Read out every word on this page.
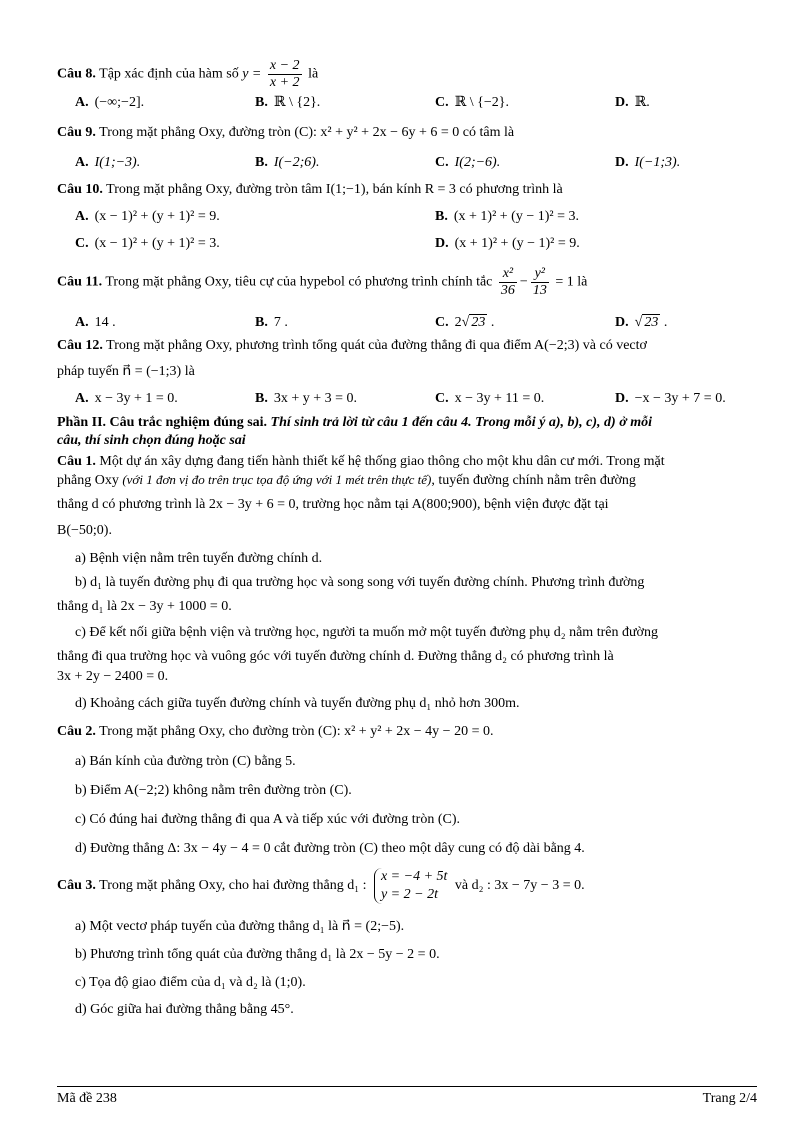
Câu 8. Tập xác định của hàm số $y = \frac{x - 2}{x + 2}$ là
A. (−∞;−2].	B. ℝ \ {2}.	C. ℝ \ {−2}.	D. ℝ.
Câu 9. Trong mặt phẳng Oxy, đường tròn (C): x² + y² + 2x − 6y + 6 = 0 có tâm là
A. I(1;−3).	B. I(−2;6).	C. I(2;−6).	D. I(−1;3).
Câu 10. Trong mặt phẳng Oxy, đường tròn tâm I(1;−1), bán kính R = 3 có phương trình là
A. (x − 1)² + (y + 1)² = 9.	B. (x + 1)² + (y − 1)² = 3.
C. (x − 1)² + (y + 1)² = 3.	D. (x + 1)² + (y − 1)² = 9.
Câu 11. Trong mặt phẳng Oxy, tiêu cự của hypebol có phương trình chính tắc $\frac{\text{x²}}{36} - \frac{\text{y²}}{13} = 1$ là
A. 14 .	B. 7 .	C. 2√ 23 .	D. √ 23 .
Câu 12. Trong mặt phẳng Oxy, phương trình tổng quát của đường thẳng đi qua điểm A(−2;3) và có vectơ
pháp tuyến n⃗ = (−1;3) là
A. x − 3y + 1 = 0.	B. 3x + y + 3 = 0.	C. x − 3y + 11 = 0.	D. −x − 3y + 7 = 0.
Phần II. Câu trắc nghiệm đúng sai. Thí sinh trả lời từ câu 1 đến câu 4. Trong mỗi ý a), b), c), d) ở mỗi
câu, thí sinh chọn đúng hoặc sai
Câu 1. Một dự án xây dựng đang tiến hành thiết kế hệ thống giao thông cho một khu dân cư mới. Trong mặt
phẳng Oxy (với 1 đơn vị đo trên trục tọa độ ứng với 1 mét trên thực tế), tuyến đường chính nằm trên đường
thẳng d có phương trình là 2x − 3y + 6 = 0, trường học nằm tại A(800;900), bệnh viện được đặt tại
B(−50;0).
a) Bệnh viện nằm trên tuyến đường chính d.
b) d₁ là tuyến đường phụ đi qua trường học và song song với tuyến đường chính. Phương trình đường
thẳng d₁ là 2x − 3y + 1000 = 0.
c) Để kết nối giữa bệnh viện và trường học, người ta muốn mở một tuyến đường phụ d₂ nằm trên đường
thẳng đi qua trường học và vuông góc với tuyến đường chính d. Đường thẳng d₂ có phương trình là
3x + 2y − 2400 = 0.
d) Khoảng cách giữa tuyến đường chính và tuyến đường phụ d₁ nhỏ hơn 300m.
Câu 2. Trong mặt phẳng Oxy, cho đường tròn (C): x² + y² + 2x − 4y − 20 = 0.
a) Bán kính của đường tròn (C) bằng 5.
b) Điểm A(−2;2) không nằm trên đường tròn (C).
c) Có đúng hai đường thẳng đi qua A và tiếp xúc với đường tròn (C).
d) Đường thẳng Δ: 3x − 4y − 4 = 0 cắt đường tròn (C) theo một dây cung có độ dài bằng 4.
Câu 3. Trong mặt phẳng Oxy, cho hai đường thẳng d₁ :
x = −4 + 5t
y = 2 − 2t
và d₂ : 3x − 7y − 3 = 0.
a) Một vectơ pháp tuyến của đường thẳng d₁ là n⃗ = (2;−5).
b) Phương trình tổng quát của đường thẳng d₁ là 2x − 5y − 2 = 0.
c) Tọa độ giao điểm của d₁ và d₂ là (1;0).
d) Góc giữa hai đường thẳng bằng 45°.
Mã đề 238	Trang 2/4
